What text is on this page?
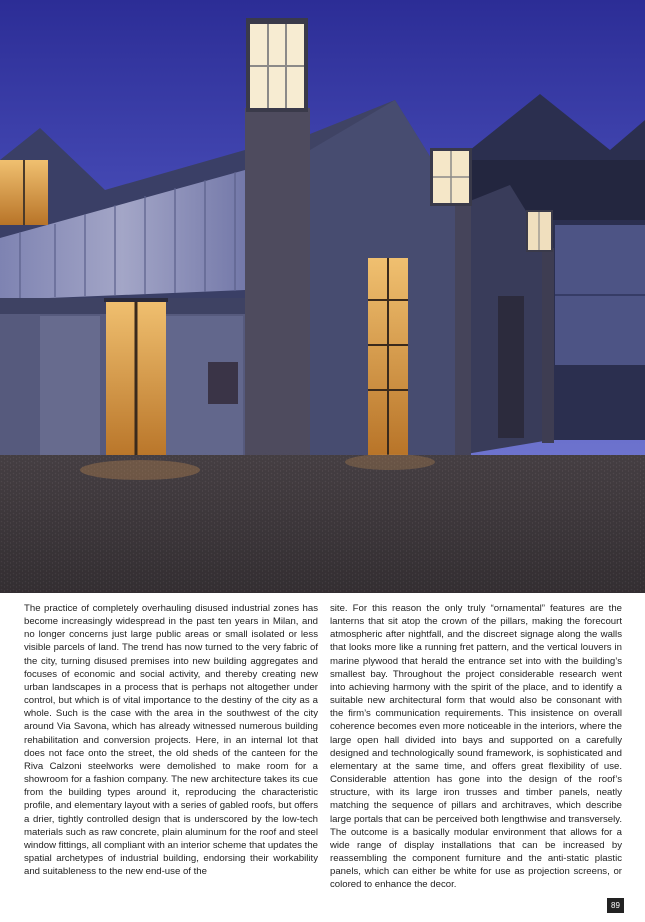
The practice of completely overhauling disused industrial zones has become increasingly widespread in the past ten years in Milan, and no longer concerns just large public areas or small isolated or less visible parcels of land. The trend has now turned to the very fabric of the city, turning disused premises into new building aggregates and focuses of economic and social activity, and thereby creating new urban landscapes in a process that is perhaps not altogether under control, but which is of vital importance to the destiny of the city as a whole. Such is the case with the area in the southwest of the city around Via Savona, which has already witnessed numerous building rehabilitation and conversion projects. Here, in an internal lot that does not face onto the street, the old sheds of the canteen for the Riva Calzoni steelworks were demolished to make room for a showroom for a fashion company. The new architecture takes its cue from the building types around it, reproducing the characteristic profile, and elementary layout with a series of gabled roofs, but offers a drier, tightly controlled design that is underscored by the low-tech materials such as raw concrete, plain aluminum for the roof and steel window fittings, all compliant with an interior scheme that updates the spatial archetypes of industrial building, endorsing their workability and suitableness to the new end-use of the

site. For this reason the only truly “ornamental” features are the lanterns that sit atop the crown of the pillars, making the forecourt atmospheric after nightfall, and the discreet signage along the walls that looks more like a running fret pattern, and the vertical louvers in marine plywood that herald the entrance set into with the building’s smallest bay. Throughout the project considerable research went into achieving harmony with the spirit of the place, and to identify a suitable new architectural form that would also be consonant with the firm’s communication requirements. This insistence on overall coherence becomes even more noticeable in the interiors, where the large open hall divided into bays and supported on a carefully designed and technologically sound framework, is sophisticated and elementary at the same time, and offers great flexibility of use. Considerable attention has gone into the design of the roof’s structure, with its large iron trusses and timber panels, neatly matching the sequence of pillars and architraves, which describe large portals that can be perceived both lengthwise and transversely. The outcome is a basically modular environment that allows for a wide range of display installations that can be increased by reassembling the component furniture and the anti-static plastic panels, which can either be white for use as projection screens, or colored to enhance the decor.

89
